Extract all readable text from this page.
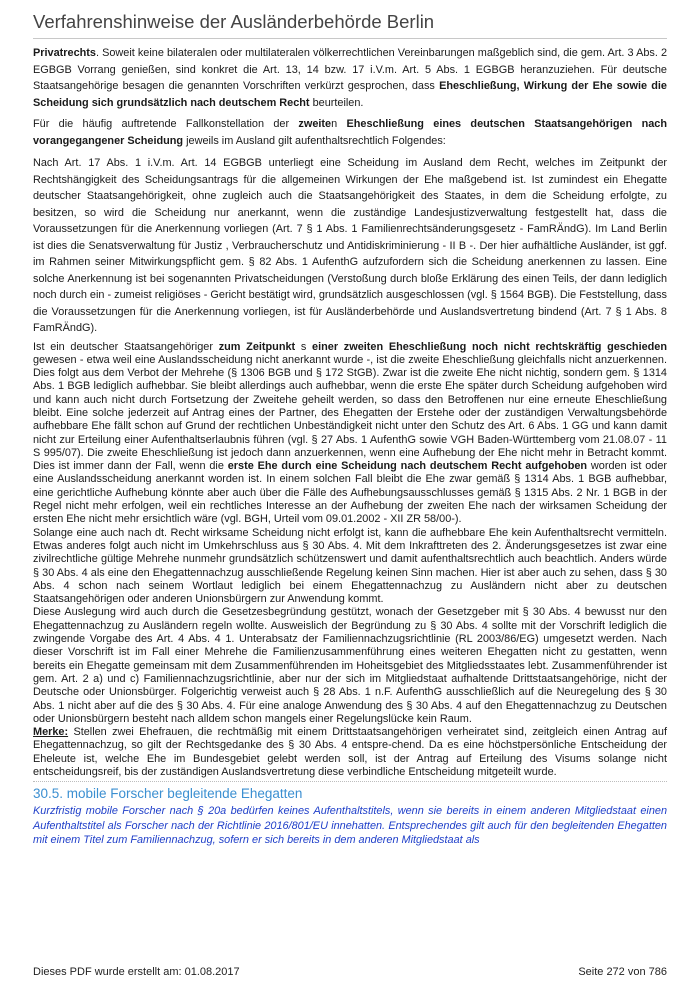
Verfahrenshinweise der Ausländerbehörde Berlin

Privatrechts. Soweit keine bilateralen oder multilateralen völkerrechtlichen Vereinbarungen maßgeblich sind, die gem. Art. 3 Abs. 2 EGBGB Vorrang genießen, sind konkret die Art. 13, 14 bzw. 17 i.V.m. Art. 5 Abs. 1 EGBGB heranzuziehen. Für deutsche Staatsangehörige besagen die genannten Vorschriften verkürzt gesprochen, dass Eheschließung, Wirkung der Ehe sowie die Scheidung sich grundsätzlich nach deutschem Recht beurteilen.

Für die häufig auftretende Fallkonstellation der zweiten Eheschließung eines deutschen Staatsangehörigen nach vorangegangener Scheidung jeweils im Ausland gilt aufenthaltsrechtlich Folgendes:

Nach Art. 17 Abs. 1 i.V.m. Art. 14 EGBGB unterliegt eine Scheidung im Ausland dem Recht, welches im Zeitpunkt der Rechtshängigkeit des Scheidungsantrags für die allgemeinen Wirkungen der Ehe maßgebend ist. Ist zumindest ein Ehegatte deutscher Staatsangehörigkeit, ohne zugleich auch die Staatsangehörigkeit des Staates, in dem die Scheidung erfolgte, zu besitzen, so wird die Scheidung nur anerkannt, wenn die zuständige Landesjustizverwaltung festgestellt hat, dass die Voraussetzungen für die Anerkennung vorliegen (Art. 7 § 1 Abs. 1 Familienrechtsänderungsgesetz - FamRÄndG). Im Land Berlin ist dies die Senatsverwaltung für Justiz , Verbraucherschutz und Antidiskriminierung - II B -. Der hier aufhältliche Ausländer, ist ggf. im Rahmen seiner Mitwirkungspflicht gem. § 82 Abs. 1 AufenthG aufzufordern sich die Scheidung anerkennen zu lassen. Eine solche Anerkennung ist bei sogenannten Privatscheidungen (Verstoßung durch bloße Erklärung des einen Teils, der dann lediglich noch durch ein - zumeist religiöses - Gericht bestätigt wird, grundsätzlich ausgeschlossen (vgl. § 1564 BGB). Die Feststellung, dass die Voraussetzungen für die Anerkennung vorliegen, ist für Ausländerbehörde und Auslandsvertretung bindend (Art. 7 § 1 Abs. 8 FamRÄndG).

Ist ein deutscher Staatsangehöriger zum Zeitpunkt s einer zweiten Eheschließung noch nicht rechtskräftig geschieden gewesen - etwa weil eine Auslandsscheidung nicht anerkannt wurde -, ist die zweite Eheschließung gleichfalls nicht anzuerkennen. Dies folgt aus dem Verbot der Mehrehe (§ 1306 BGB und § 172 StGB). Zwar ist die zweite Ehe nicht nichtig, sondern gem. § 1314 Abs. 1 BGB lediglich aufhebbar. Sie bleibt allerdings auch aufhebbar, wenn die erste Ehe später durch Scheidung aufgehoben wird und kann auch nicht durch Fortsetzung der Zweitehe geheilt werden, so dass den Betroffenen nur eine erneute Eheschließung bleibt. Eine solche jederzeit auf Antrag eines der Partner, des Ehegatten der Erstehe oder der zuständigen Verwaltungsbehörde aufhebbare Ehe fällt schon auf Grund der rechtlichen Unbeständigkeit nicht unter den Schutz des Art. 6 Abs. 1 GG und kann damit nicht zur Erteilung einer Aufenthaltserlaubnis führen (vgl. § 27 Abs. 1 AufenthG sowie VGH Baden-Württemberg vom 21.08.07 - 11 S 995/07). Die zweite Eheschließung ist jedoch dann anzuerkennen, wenn eine Aufhebung der Ehe nicht mehr in Betracht kommt. Dies ist immer dann der Fall, wenn die erste Ehe durch eine Scheidung nach deutschem Recht aufgehoben worden ist oder eine Auslandsscheidung anerkannt worden ist. In einem solchen Fall bleibt die Ehe zwar gemäß § 1314 Abs. 1 BGB aufhebbar, eine gerichtliche Aufhebung könnte aber auch über die Fälle des Aufhebungsausschlusses gemäß § 1315 Abs. 2 Nr. 1 BGB in der Regel nicht mehr erfolgen, weil ein rechtliches Interesse an der Aufhebung der zweiten Ehe nach der wirksamen Scheidung der ersten Ehe nicht mehr ersichtlich wäre (vgl. BGH, Urteil vom 09.01.2002 - XII ZR 58/00-).

Solange eine auch nach dt. Recht wirksame Scheidung nicht erfolgt ist, kann die aufhebbare Ehe kein Aufenthaltsrecht vermitteln. Etwas anderes folgt auch nicht im Umkehrschluss aus § 30 Abs. 4. Mit dem Inkrafttreten des 2. Änderungsgesetzes ist zwar eine zivilrechtliche gültige Mehrehe nunmehr grundsätzlich schützenswert und damit aufenthaltsrechtlich auch beachtlich. Anders würde § 30 Abs. 4 als eine den Ehegattennachzug ausschließende Regelung keinen Sinn machen. Hier ist aber auch zu sehen, dass § 30 Abs. 4 schon nach seinem Wortlaut lediglich bei einem Ehegattennachzug zu Ausländern nicht aber zu deutschen Staatsangehörigen oder anderen Unionsbürgern zur Anwendung kommt.

Diese Auslegung wird auch durch die Gesetzesbegründung gestützt, wonach der Gesetzgeber mit § 30 Abs. 4 bewusst nur den Ehegattennachzug zu Ausländern regeln wollte. Ausweislich der Begründung zu § 30 Abs. 4 sollte mit der Vorschrift lediglich die zwingende Vorgabe des Art. 4 Abs. 4 1. Unterabsatz der Familiennachzugsrichtlinie (RL 2003/86/EG) umgesetzt werden. Nach dieser Vorschrift ist im Fall einer Mehrehe die Familienzusammenführung eines weiteren Ehegatten nicht zu gestatten, wenn bereits ein Ehegatte gemeinsam mit dem Zusammenführenden im Hoheitsgebiet des Mitgliedsstaates lebt. Zusammenführender ist gem. Art. 2 a) und c) Familiennachzugsrichtlinie, aber nur der sich im Mitgliedstaat aufhaltende Drittstaatsangehörige, nicht der Deutsche oder Unionsbürger. Folgerichtig verweist auch § 28 Abs. 1 n.F. AufenthG ausschließlich auf die Neuregelung des § 30 Abs. 1 nicht aber auf die des § 30 Abs. 4. Für eine analoge Anwendung des § 30 Abs. 4 auf den Ehegattennachzug zu Deutschen oder Unionsbürgern besteht nach alldem schon mangels einer Regelungslücke kein Raum.

Merke: Stellen zwei Ehefrauen, die rechtmäßig mit einem Drittstaatsangehörigen verheiratet sind, zeitgleich einen Antrag auf Ehegattennachzug, so gilt der Rechtsgedanke des § 30 Abs. 4 entspre-chend. Da es eine höchstpersönliche Entscheidung der Eheleute ist, welche Ehe im Bundesgebiet gelebt werden soll, ist der Antrag auf Erteilung des Visums solange nicht entscheidungsreif, bis der zuständigen Auslandsvertretung diese verbindliche Entscheidung mitgeteilt wurde.

30.5. mobile Forscher begleitende Ehegatten

Kurzfristig mobile Forscher nach § 20a bedürfen keines Aufenthaltstitels, wenn sie bereits in einem anderen Mitgliedstaat einen Aufenthaltstitel als Forscher nach der Richtlinie 2016/801/EU innehatten. Entsprechendes gilt auch für den begleitenden Ehegatten mit einem Titel zum Familiennachzug, sofern er sich bereits in dem anderen Mitgliedstaat als

Dieses PDF wurde erstellt am: 01.08.2017	Seite 272 von 786
